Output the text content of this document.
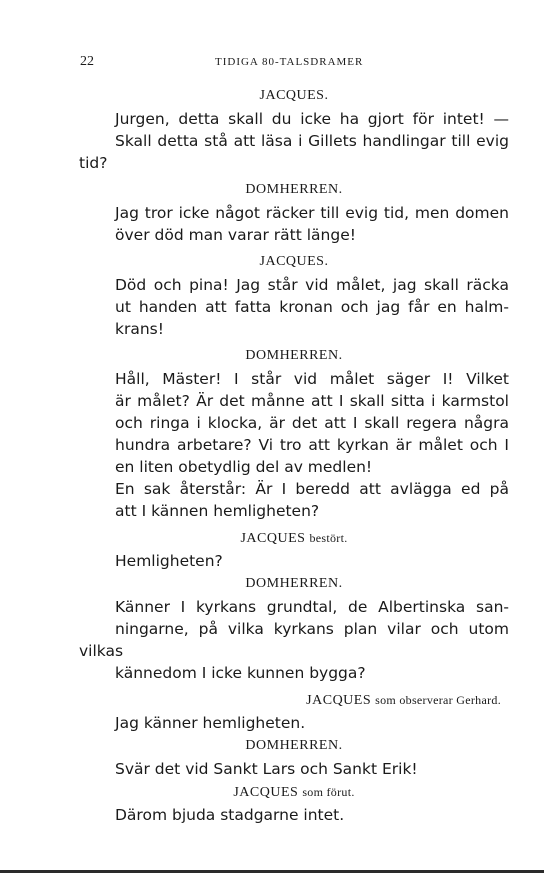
22	TIDIGA 80-TALSDRAMER
JACQUES.

Jurgen, detta skall du icke ha gjort för intet! —
Skall detta stå att läsa i Gillets handlingar till evig tid?

DOMHERREN.

Jag tror icke något räcker till evig tid, men domen
över död man varar rätt länge!

JACQUES.

Död och pina! Jag står vid målet, jag skall räcka
ut handen att fatta kronan och jag får en halm-
krans!

DOMHERREN.

Håll, Mäster! I står vid målet säger I! Vilket
är målet? Är det månne att I skall sitta i karmstol
och ringa i klocka, är det att I skall regera några
hundra arbetare? Vi tro att kyrkan är målet och I
en liten obetydlig del av medlen!

En sak återstår: Är I beredd att avlägga ed på
att I kännen hemligheten?

JACQUES bestört.

Hemligheten?

DOMHERREN.

Känner I kyrkans grundtal, de Albertinska san-
ningarne, på vilka kyrkans plan vilar och utom vilkas
kännedom I icke kunnen bygga?

JACQUES som observerar Gerhard.

Jag känner hemligheten.

DOMHERREN.

Svär det vid Sankt Lars och Sankt Erik!

JACQUES som förut.

Därom bjuda stadgarne intet.
